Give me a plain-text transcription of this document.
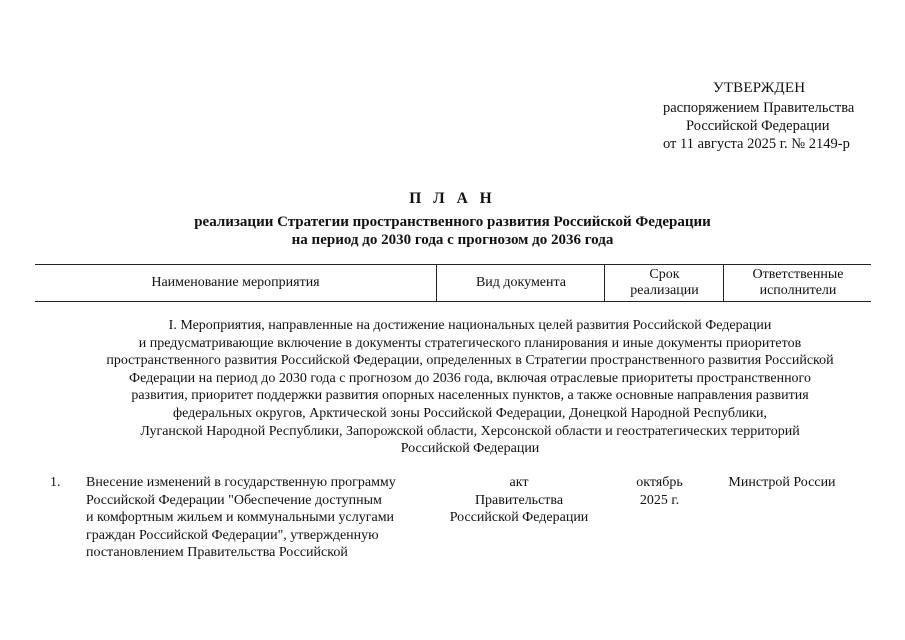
УТВЕРЖДЕН
распоряжением Правительства
Российской Федерации
от 11 августа 2025 г. № 2149-р
П Л А Н
реализации Стратегии пространственного развития Российской Федерации
на период до 2030 года с прогнозом до 2036 года
Наименование мероприятия	Вид документа
Срок
реализации
Ответственные
исполнители
I. Мероприятия, направленные на достижение национальных целей развития Российской Федерации
и предусматривающие включение в документы стратегического планирования и иные документы приоритетов
пространственного развития Российской Федерации, определенных в Стратегии пространственного развития Российской
Федерации на период до 2030 года с прогнозом до 2036 года, включая отраслевые приоритеты пространственного
развития, приоритет поддержки развития опорных населенных пунктов, а также основные направления развития
федеральных округов, Арктической зоны Российской Федерации, Донецкой Народной Республики,
Луганской Народной Республики, Запорожской области, Херсонской области и геостратегических территорий
Российской Федерации
1. Внесение изменений в государственную программу
Российской Федерации "Обеспечение доступным
и комфортным жильем и коммунальными услугами
граждан Российской Федерации", утвержденную
постановлением Правительства Российской
акт
Правительства
Российской Федерации
октябрь
2025 г.
Минстрой России
